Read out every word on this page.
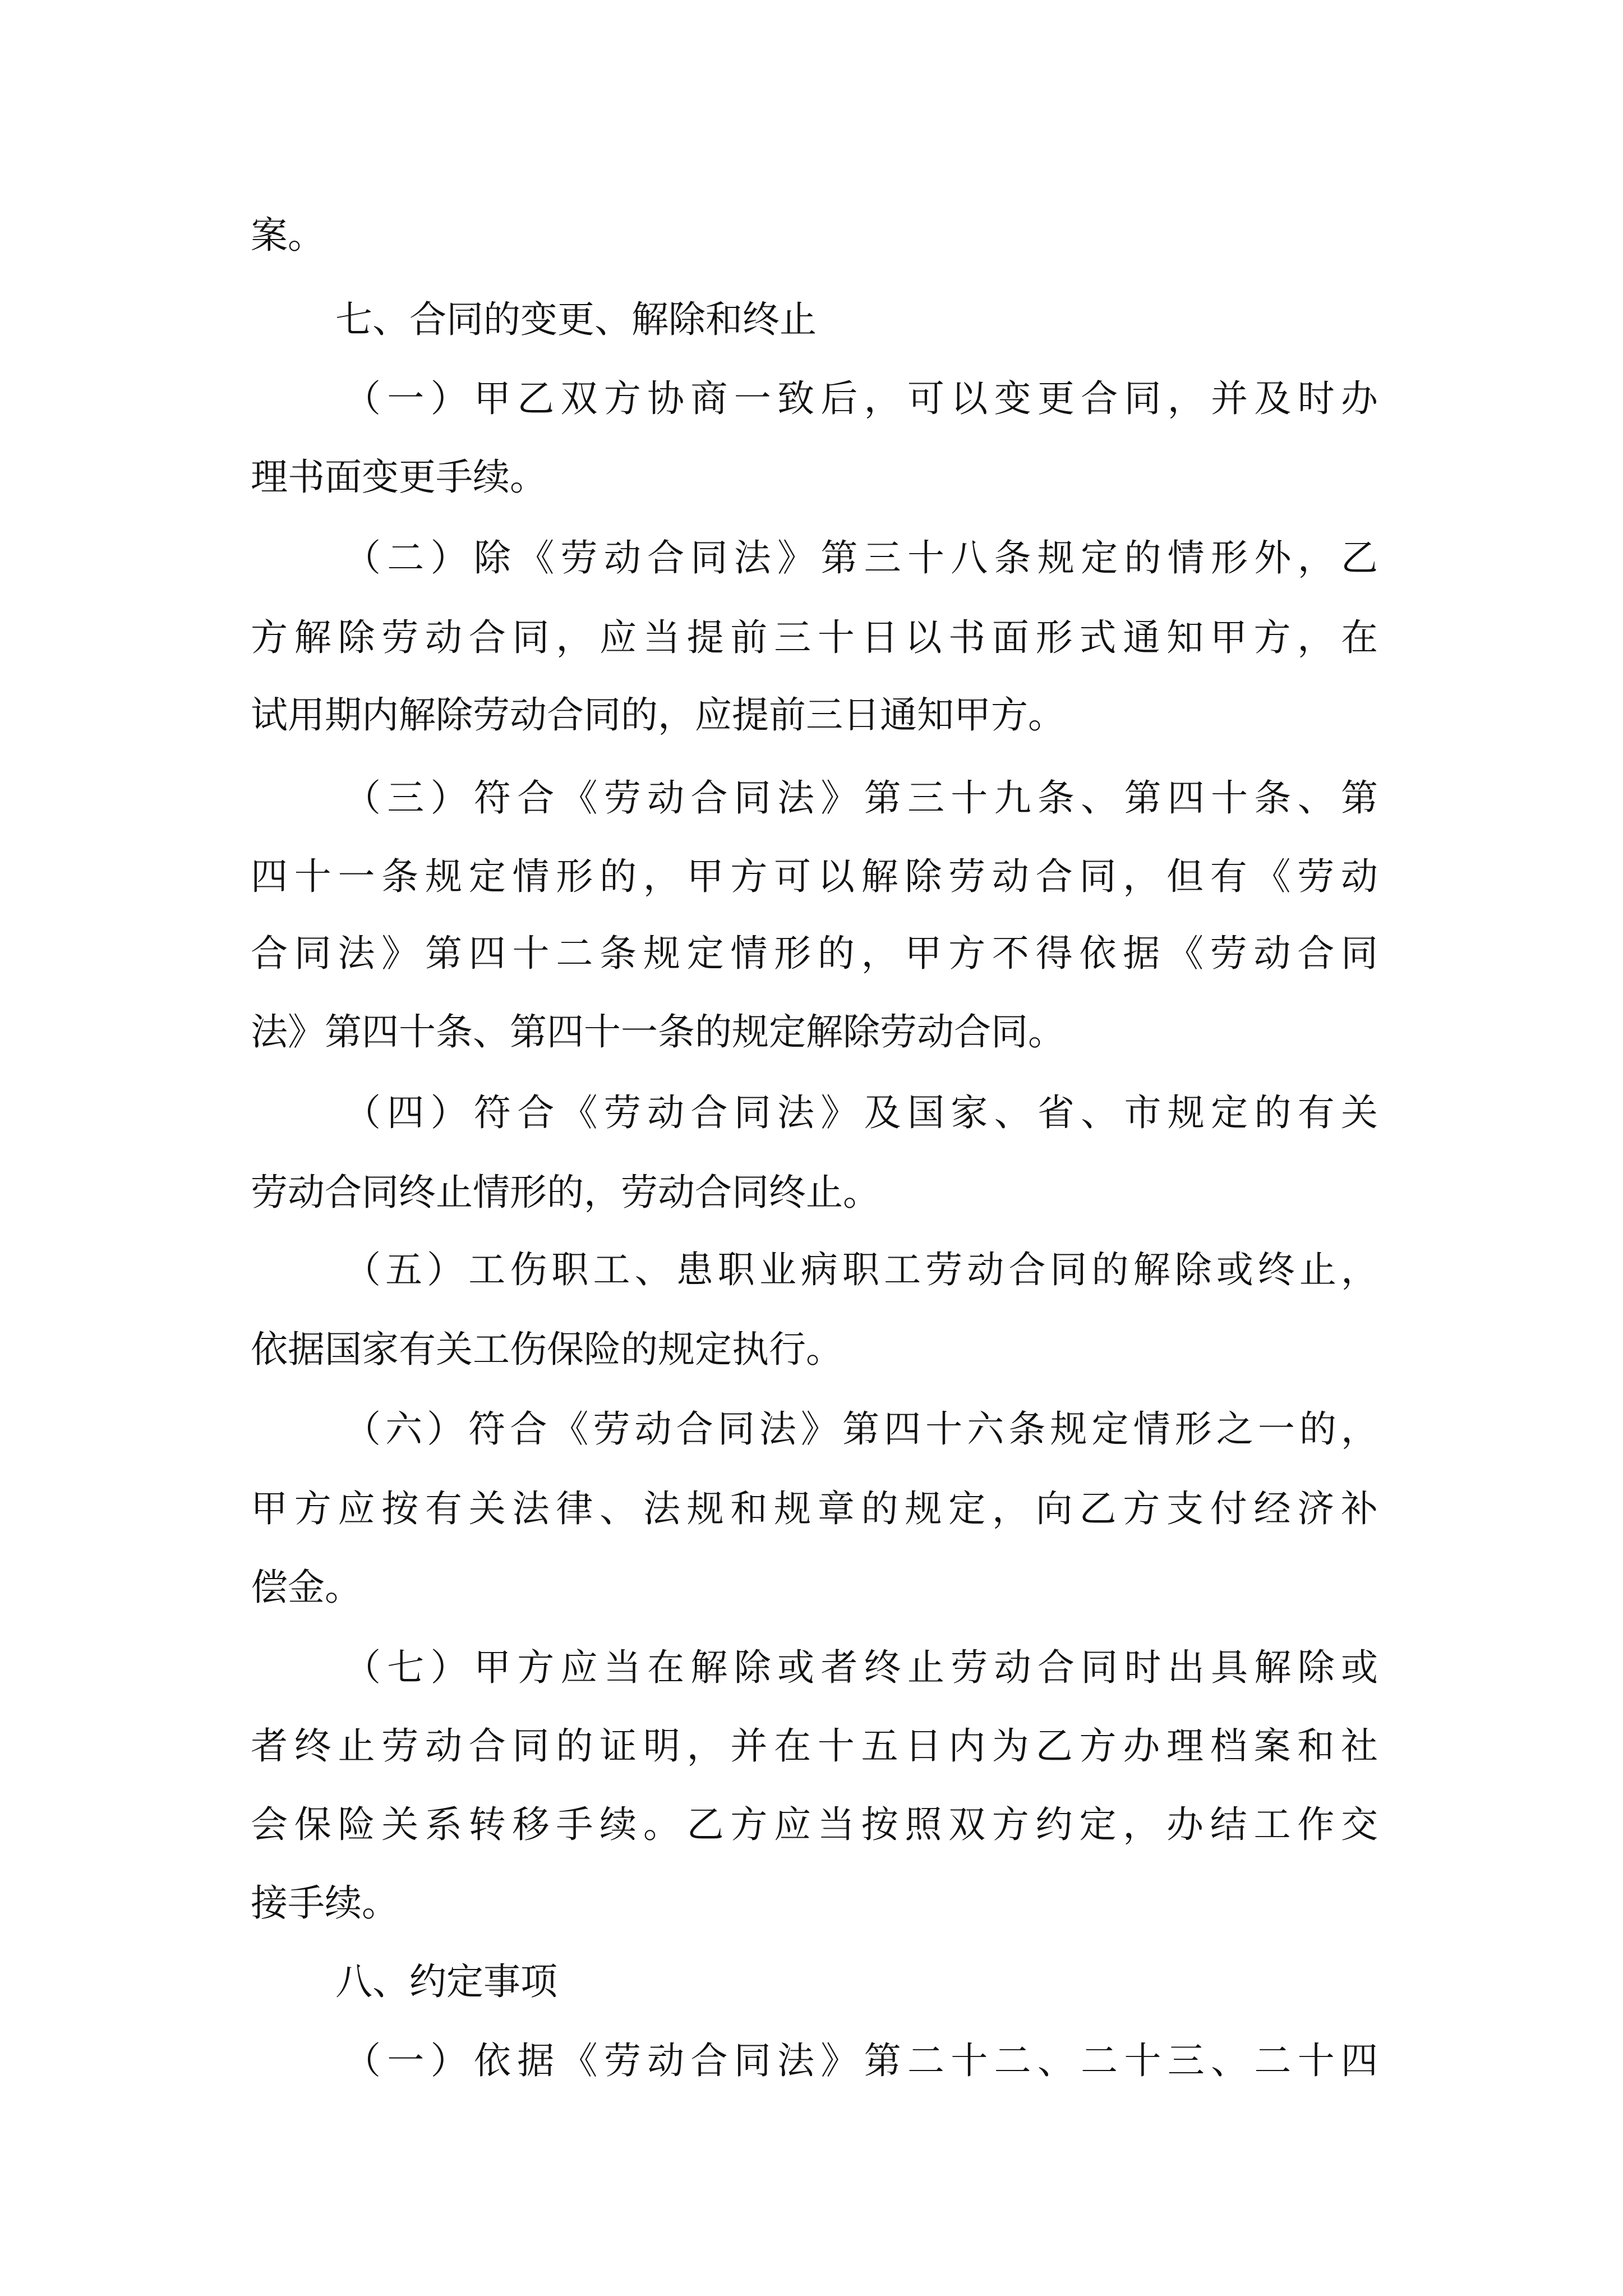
案。
七、合同的变更、解除和终止
（一）甲乙双方协商一致后，可以变更合同，并及时办
理书面变更手续。
（二）除《劳动合同法》第三十八条规定的情形外，乙
方解除劳动合同，应当提前三十日以书面形式通知甲方，在
试用期内解除劳动合同的，应提前三日通知甲方。
（三）符合《劳动合同法》第三十九条、第四十条、第
四十一条规定情形的，甲方可以解除劳动合同，但有《劳动
合同法》第四十二条规定情形的，甲方不得依据《劳动合同
法》第四十条、第四十一条的规定解除劳动合同。
（四）符合《劳动合同法》及国家、省、市规定的有关
劳动合同终止情形的，劳动合同终止。
（五）工伤职工、患职业病职工劳动合同的解除或终止，
依据国家有关工伤保险的规定执行。
（六）符合《劳动合同法》第四十六条规定情形之一的，
甲方应按有关法律、法规和规章的规定，向乙方支付经济补
偿金。
（七）甲方应当在解除或者终止劳动合同时出具解除或
者终止劳动合同的证明，并在十五日内为乙方办理档案和社
会保险关系转移手续。乙方应当按照双方约定，办结工作交
接手续。
八、约定事项
（一）依据《劳动合同法》第二十二、二十三、二十四
